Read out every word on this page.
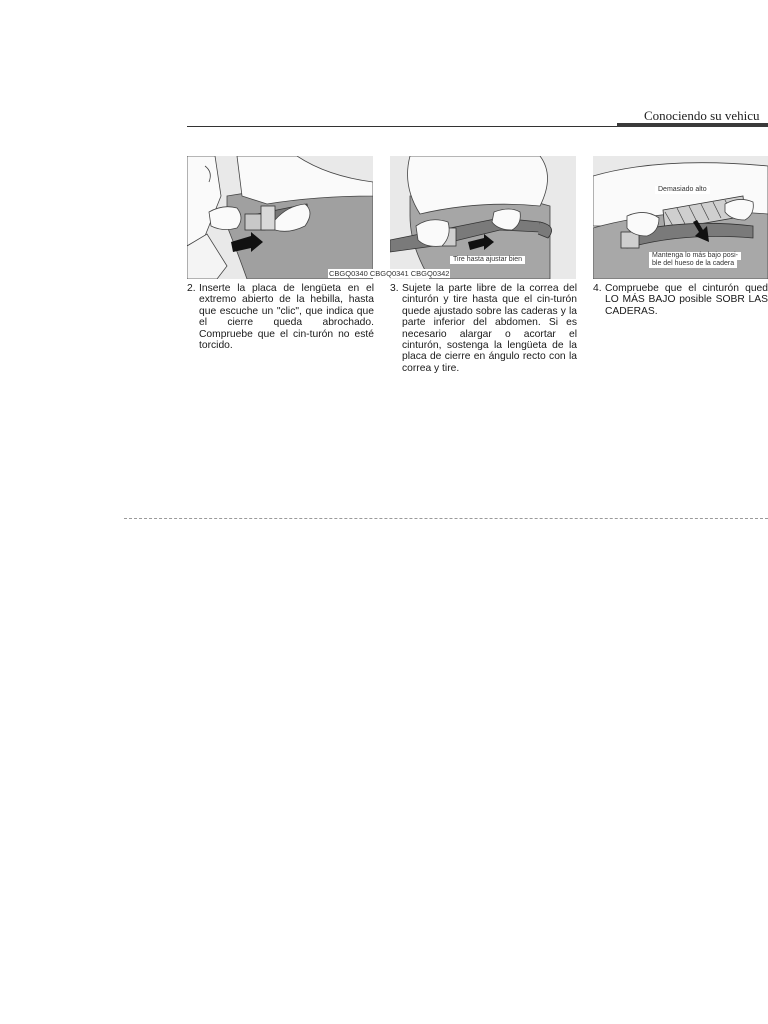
Conociendo su vehicu
Tire hasta ajustar bien
Demasiado alto
Mantenga lo más bajo posi-
ble del hueso de la cadera
CBGQ0340 CBGQ0341 CBGQ0342
2. Inserte la placa de lengüeta en el extremo abierto de la hebilla, hasta que escuche un "clic", que indica que el cierre queda abrochado. Compruebe que el cin-turón no esté torcido.
3. Sujete la parte libre de la correa del cinturón y tire hasta que el cin-turón quede ajustado sobre las caderas y la parte inferior del abdomen. Si es necesario alargar o acortar el cinturón, sostenga la lengüeta de la placa de cierre en ángulo recto con la correa y tire.
4. Compruebe que el cinturón qued LO MÁS BAJO posible SOBR LAS CADERAS.
